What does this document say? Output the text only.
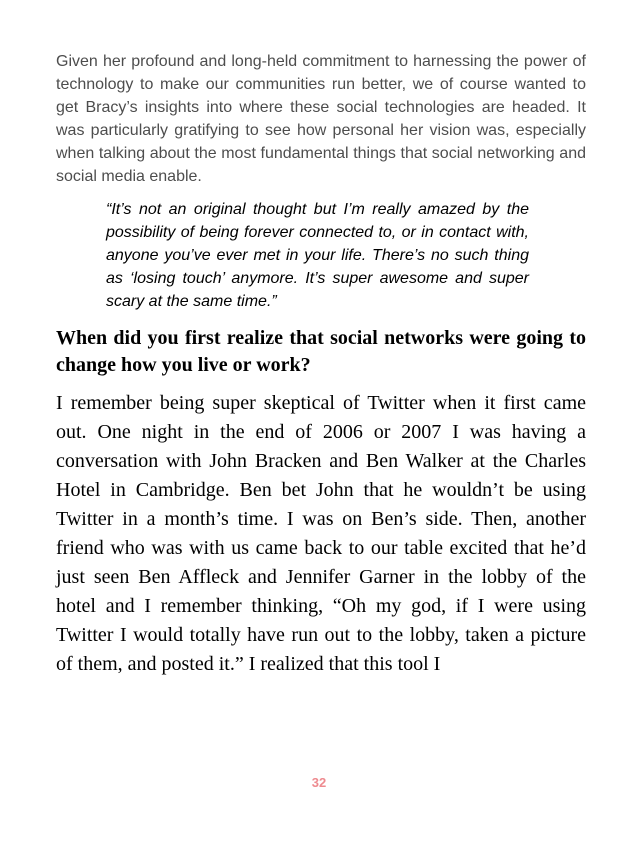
Given her profound and long-held commitment to harnessing the power of technology to make our communities run better, we of course wanted to get Bracy’s insights into where these social technologies are headed. It was particularly gratifying to see how personal her vision was, especially when talking about the most fundamental things that social networking and social media enable.

“It’s not an original thought but I’m really amazed by the possibility of being forever connected to, or in contact with, anyone you’ve ever met in your life. There’s no such thing as ‘losing touch’ anymore. It’s super awesome and super scary at the same time.”

When did you first realize that social networks were going to change how you live or work?

I remember being super skeptical of Twitter when it first came out. One night in the end of 2006 or 2007 I was having a conversation with John Bracken and Ben Walker at the Charles Hotel in Cambridge. Ben bet John that he wouldn’t be using Twitter in a month’s time. I was on Ben’s side. Then, another friend who was with us came back to our table excited that he’d just seen Ben Affleck and Jennifer Garner in the lobby of the hotel and I remember thinking, “Oh my god, if I were using Twitter I would totally have run out to the lobby, taken a picture of them, and posted it.” I realized that this tool I

32
